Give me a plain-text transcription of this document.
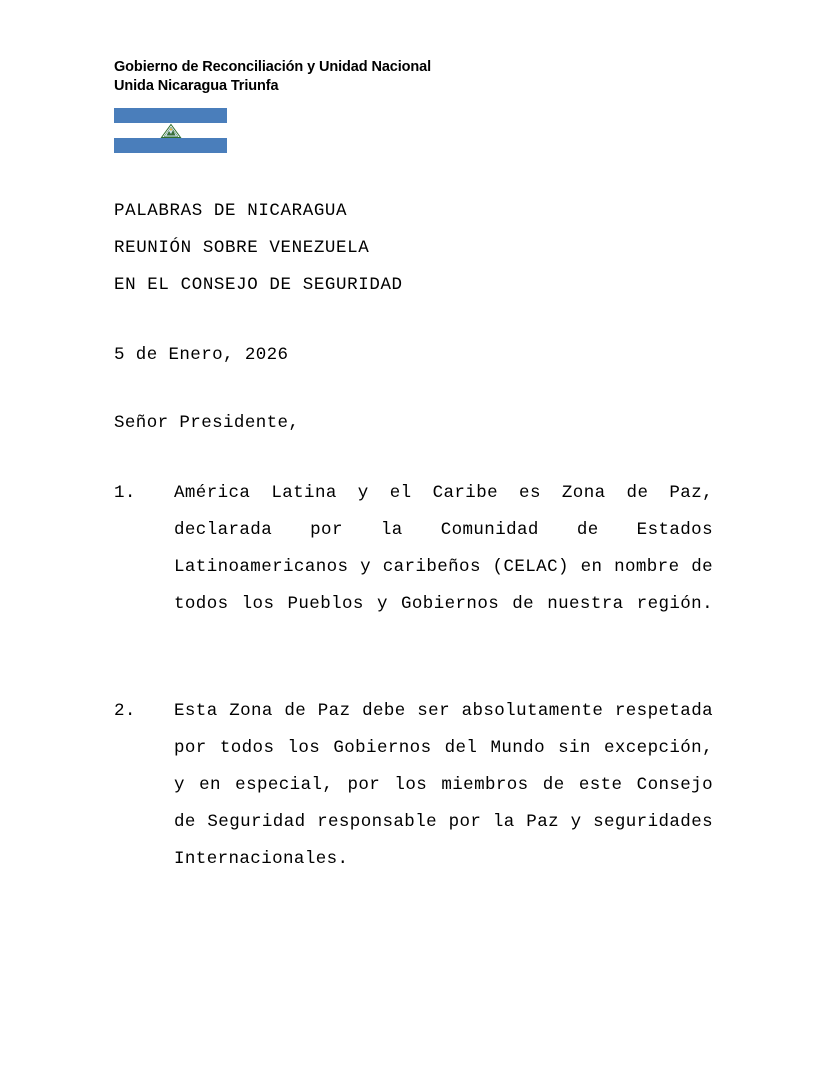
Gobierno de Reconciliación y Unidad Nacional
Unida Nicaragua Triunfa
PALABRAS DE NICARAGUA
REUNIÓN SOBRE VENEZUELA
EN EL CONSEJO DE SEGURIDAD
5 de Enero, 2026
Señor Presidente,
1.	América Latina y el Caribe es Zona de Paz, declarada por la Comunidad de Estados Latinoamericanos y caribeños (CELAC) en nombre de todos los Pueblos y Gobiernos de nuestra región.
2.	Esta Zona de Paz debe ser absolutamente respetada por todos los Gobiernos del Mundo sin excepción, y en especial, por los miembros de este Consejo de Seguridad responsable por la Paz y seguridades Internacionales.
